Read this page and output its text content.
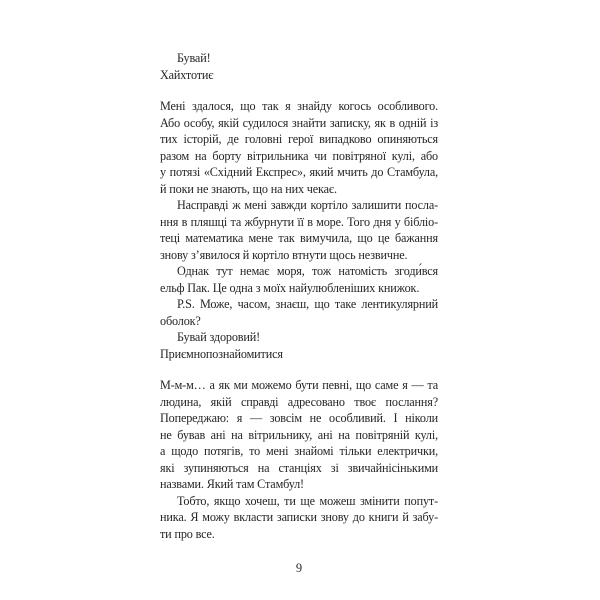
Бувай!
Хайхтотиє
Мені здалося, що так я знайду когось особливого.
Або особу, якій судилося знайти записку, як в одній із
тих історій, де головні герої випадково опиняються
разом на борту вітрильника чи повітряної кулі, або
у потязі «Східний Експрес», який мчить до Стамбула,
й поки не знають, що на них чекає.
Насправді ж мені завжди кортіло залишити посла-
ння в пляшці та жбурнути її в море. Того дня у бібліо-
теці математика мене так вимучила, що це бажання
знову з’явилося й кортіло втнути щось незвичне.
Однак тут немає моря, тож натомість згоди́вся
ельф Пак. Це одна з моїх найулюбленіших книжок.
P.S. Може, часом, знаєш, що таке лентикулярний
оболок?
Бувай здоровий!
Приємнопознайомитися
М-м-м… а як ми можемо бути певні, що саме я — та
людина, якій справді адресовано твоє послання?
Попереджаю: я — зовсім не особливий. І ніколи
не бував ані на вітрильнику, ані на повітряній кулі,
а щодо потягів, то мені знайомі тільки електрички,
які зупиняються на станціях зі звичайнісінькими
назвами. Який там Стамбул!
Тобто, якщо хочеш, ти ще можеш змінити попут-
ника. Я можу вкласти записки знову до книги й забу-
ти про все.
9
